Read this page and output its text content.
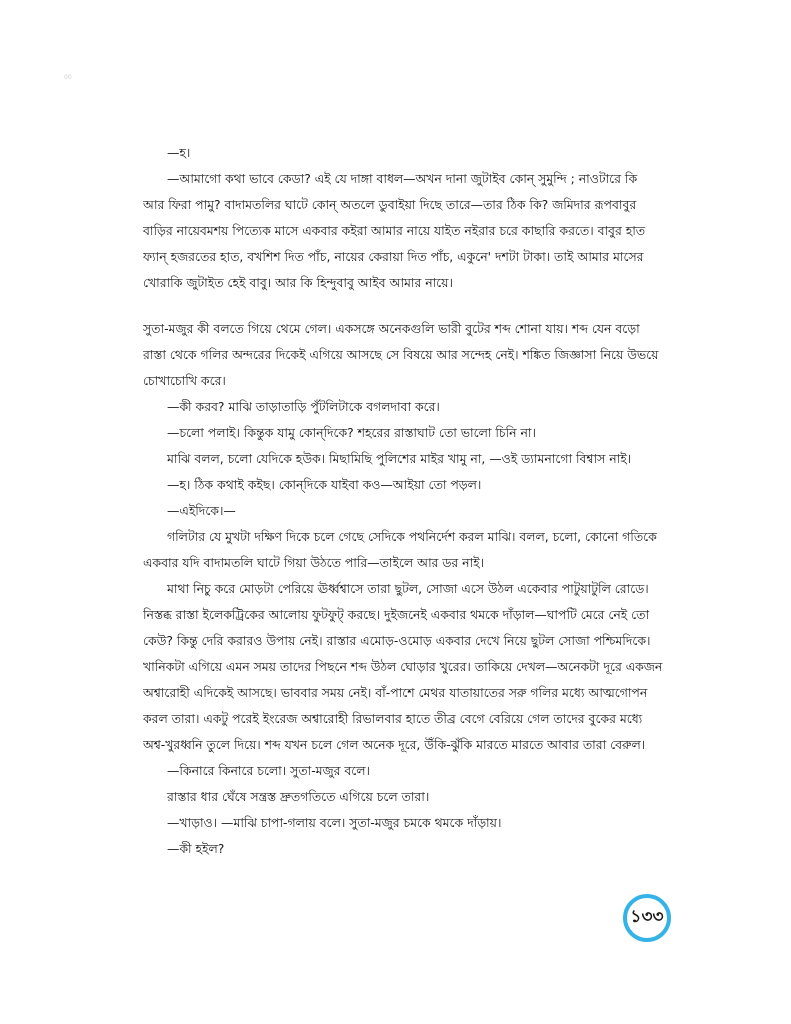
00
—হ।
—আমাগো কথা ভাবে কেডা? এই যে দাঙ্গা বাধল—অখন দানা জুটাইব কোন্‌ সুমুন্দি ; নাওটারে কি
আর ফিরা পামু? বাদামতলির ঘাটে কোন্‌ অতলে ডুবাইয়া দিছে তারে—তার ঠিক কি? জমিদার রূপবাবুর
বাড়ির নায়েবমশয় পিত্যেক মাসে একবার কইরা আমার নায়ে যাইত নইরার চরে কাছারি করতে। বাবুর হাত
ফ্যান্‌ হজরতের হাত, বখশিশ দিত পাঁচ, নায়ের কেরায়া দিত পাঁচ, একুনে' দশটা টাকা। তাই আমার মাসের
খোরাকি জুটাইত হেই বাবু। আর কি হিন্দুবাবু আইব আমার নায়ে।
সুতা-মজুর কী বলতে গিয়ে থেমে গেল। একসঙ্গে অনেকগুলি ভারী বুটের শব্দ শোনা যায়। শব্দ যেন বড়ো
রাস্তা থেকে গলির অন্দরের দিকেই এগিয়ে আসছে সে বিষয়ে আর সন্দেহ নেই। শঙ্কিত জিজ্ঞাসা নিয়ে উভয়ে
চোখাচোখি করে।
—কী করব? মাঝি তাড়াতাড়ি পুঁটলিটাকে বগলদাবা করে।
—চলো পলাই। কিন্তুক যামু কোন্‌দিকে? শহরের রাস্তাঘাট তো ভালো চিনি না।
মাঝি বলল, চলো যেদিকে হউক। মিছামিছি পুলিশের মাইর খামু না, —ওই ড্যামনাগো বিশ্বাস নাই।
—হ। ঠিক কথাই কইছ। কোন্‌দিকে যাইবা কও—আইয়া তো পড়ল।
—এইদিকে।—
গলিটার যে মুখটা দক্ষিণ দিকে চলে গেছে সেদিকে পথনির্দেশ করল মাঝি। বলল, চলো, কোনো গতিকে
একবার যদি বাদামতলি ঘাটে গিয়া উঠতে পারি—তাইলে আর ডর নাই।
মাথা নিচু করে মোড়টা পেরিয়ে ঊর্ধ্বশ্বাসে তারা ছুটল, সোজা এসে উঠল একেবার পাটুয়াটুলি রোডে।
নিস্তব্ধ রাস্তা ইলেকট্রিকের আলোয় ফুটফুট্‌ করছে। দুইজনেই একবার থমকে দাঁড়াল—ঘাপটি মেরে নেই তো
কেউ? কিন্তু দেরি করারও উপায় নেই। রাস্তার এমোড়-ওমোড় একবার দেখে নিয়ে ছুটল সোজা পশ্চিমদিকে।
খানিকটা এগিয়ে এমন সময় তাদের পিছনে শব্দ উঠল ঘোড়ার খুরের। তাকিয়ে দেখল—অনেকটা দূরে একজন
অশ্বারোহী এদিকেই আসছে। ভাববার সময় নেই। বাঁ-পাশে মেথর যাতায়াতের সরু গলির মধ্যে আত্মগোপন
করল তারা। একটু পরেই ইংরেজ অশ্বারোহী রিভালবার হাতে তীব্র বেগে বেরিয়ে গেল তাদের বুকের মধ্যে
অশ্ব-খুরধ্বনি তুলে দিয়ে। শব্দ যখন চলে গেল অনেক দূরে, উঁকি-ঝুঁকি মারতে মারতে আবার তারা বেরুল।
—কিনারে কিনারে চলো। সুতা-মজুর বলে।
রাস্তার ধার ঘেঁষে সন্ত্রস্ত দ্রুতগতিতে এগিয়ে চলে তারা।
—খাড়াও। —মাঝি চাপা-গলায় বলে। সুতা-মজুর চমকে থমকে দাঁড়ায়।
—কী হইল?
১৩৩
